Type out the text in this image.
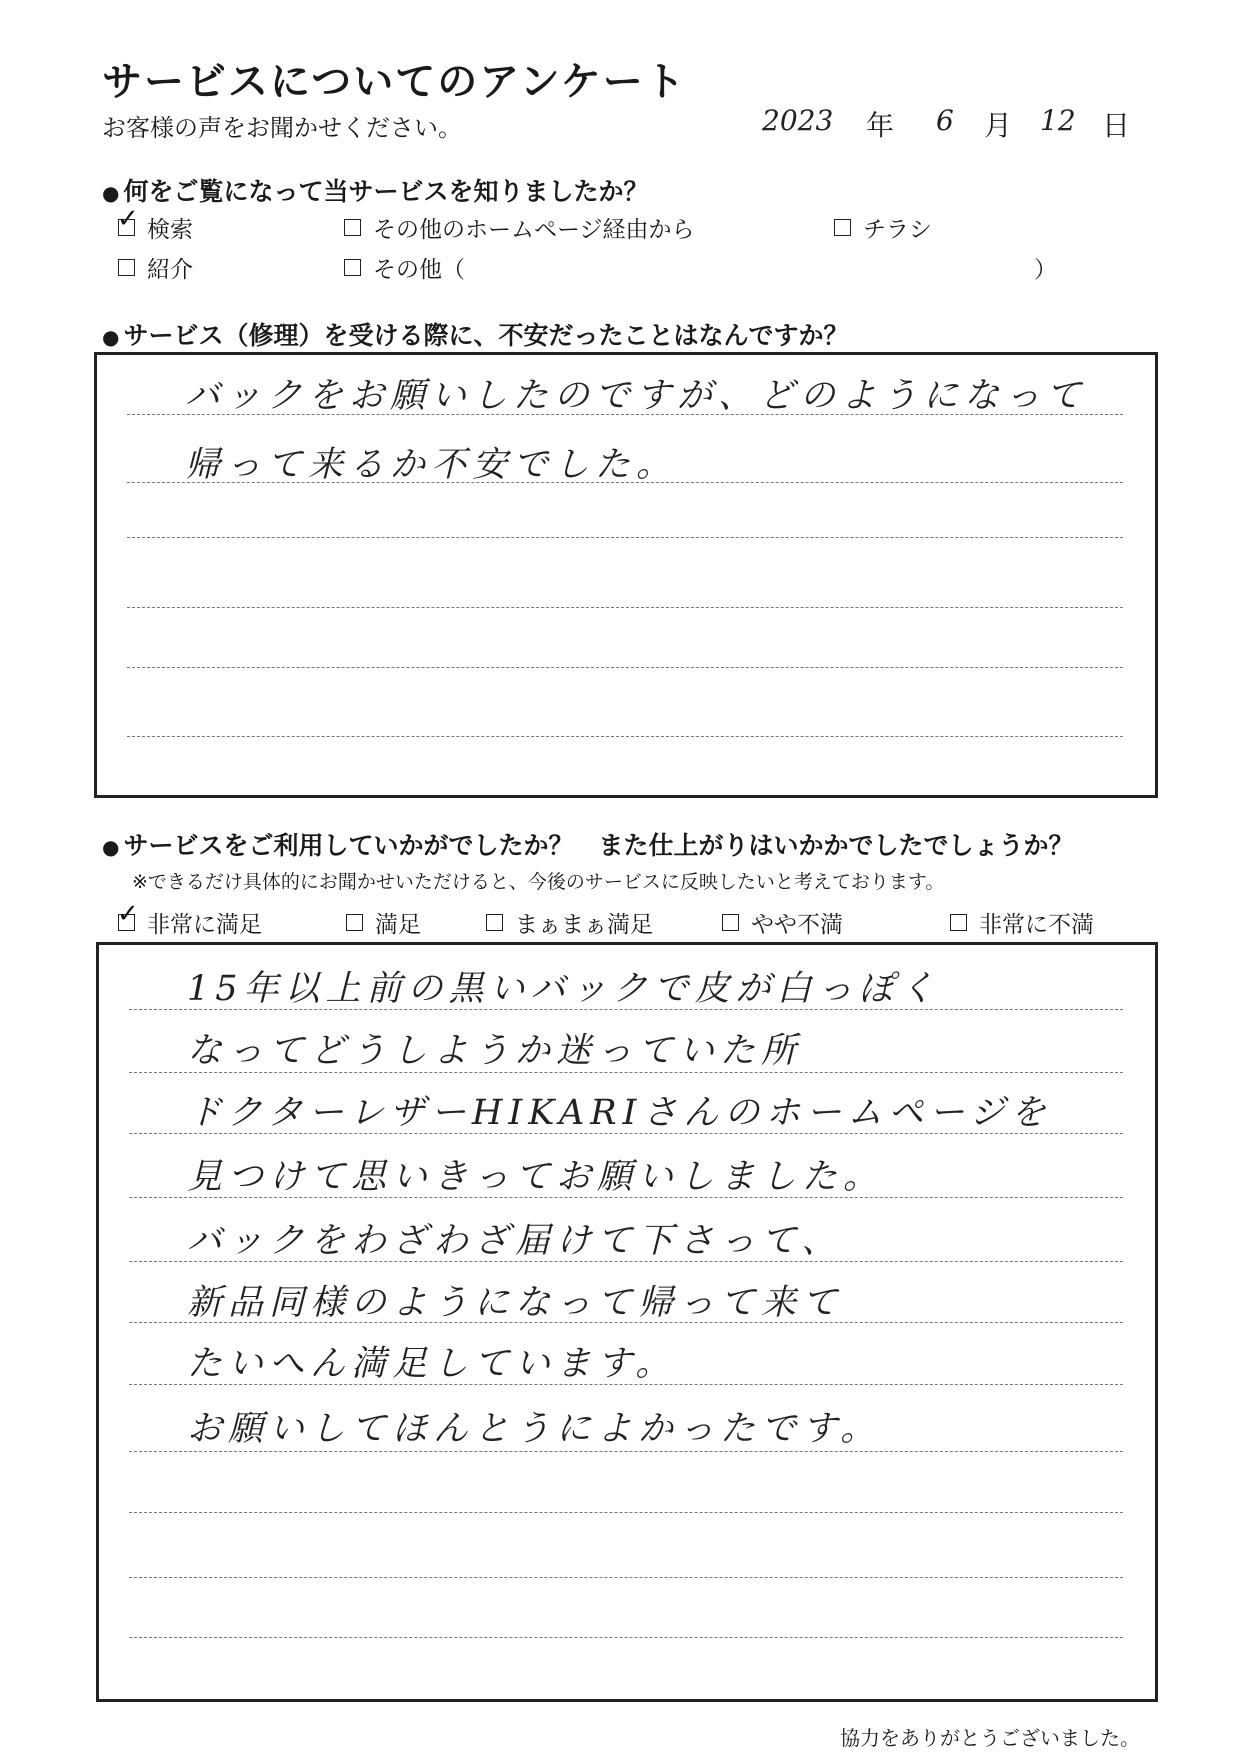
サービスについてのアンケート
お客様の声をお聞かせください。	2023 年 6 月 12 日
● 何をご覧になって当サービスを知りましたか？
✓ 検索	その他のホームページ経由から	チラシ
紹介	その他（	）
● サービス（修理）を受ける際に、不安だったことはなんですか？
バックをお願いしたのですが、どのようになって
帰って来るか不安でした。
● サービスをご利用していかがでしたか？　また仕上がりはいかかでしたでしょうか？
※できるだけ具体的にお聞かせいただけると、今後のサービスに反映したいと考えております。
✓ 非常に満足	満足	まぁまぁ満足	やや不満	非常に不満
15年以上前の黒いバックで皮が白っぽく
なってどうしようか迷っていた所
ドクターレザーHIKARIさんのホームページを
見つけて思いきってお願いしました。
バックをわざわざ届けて下さって、
新品同様のようになって帰って来て
たいへん満足しています。
お願いしてほんとうによかったです。
協力をありがとうございました。
